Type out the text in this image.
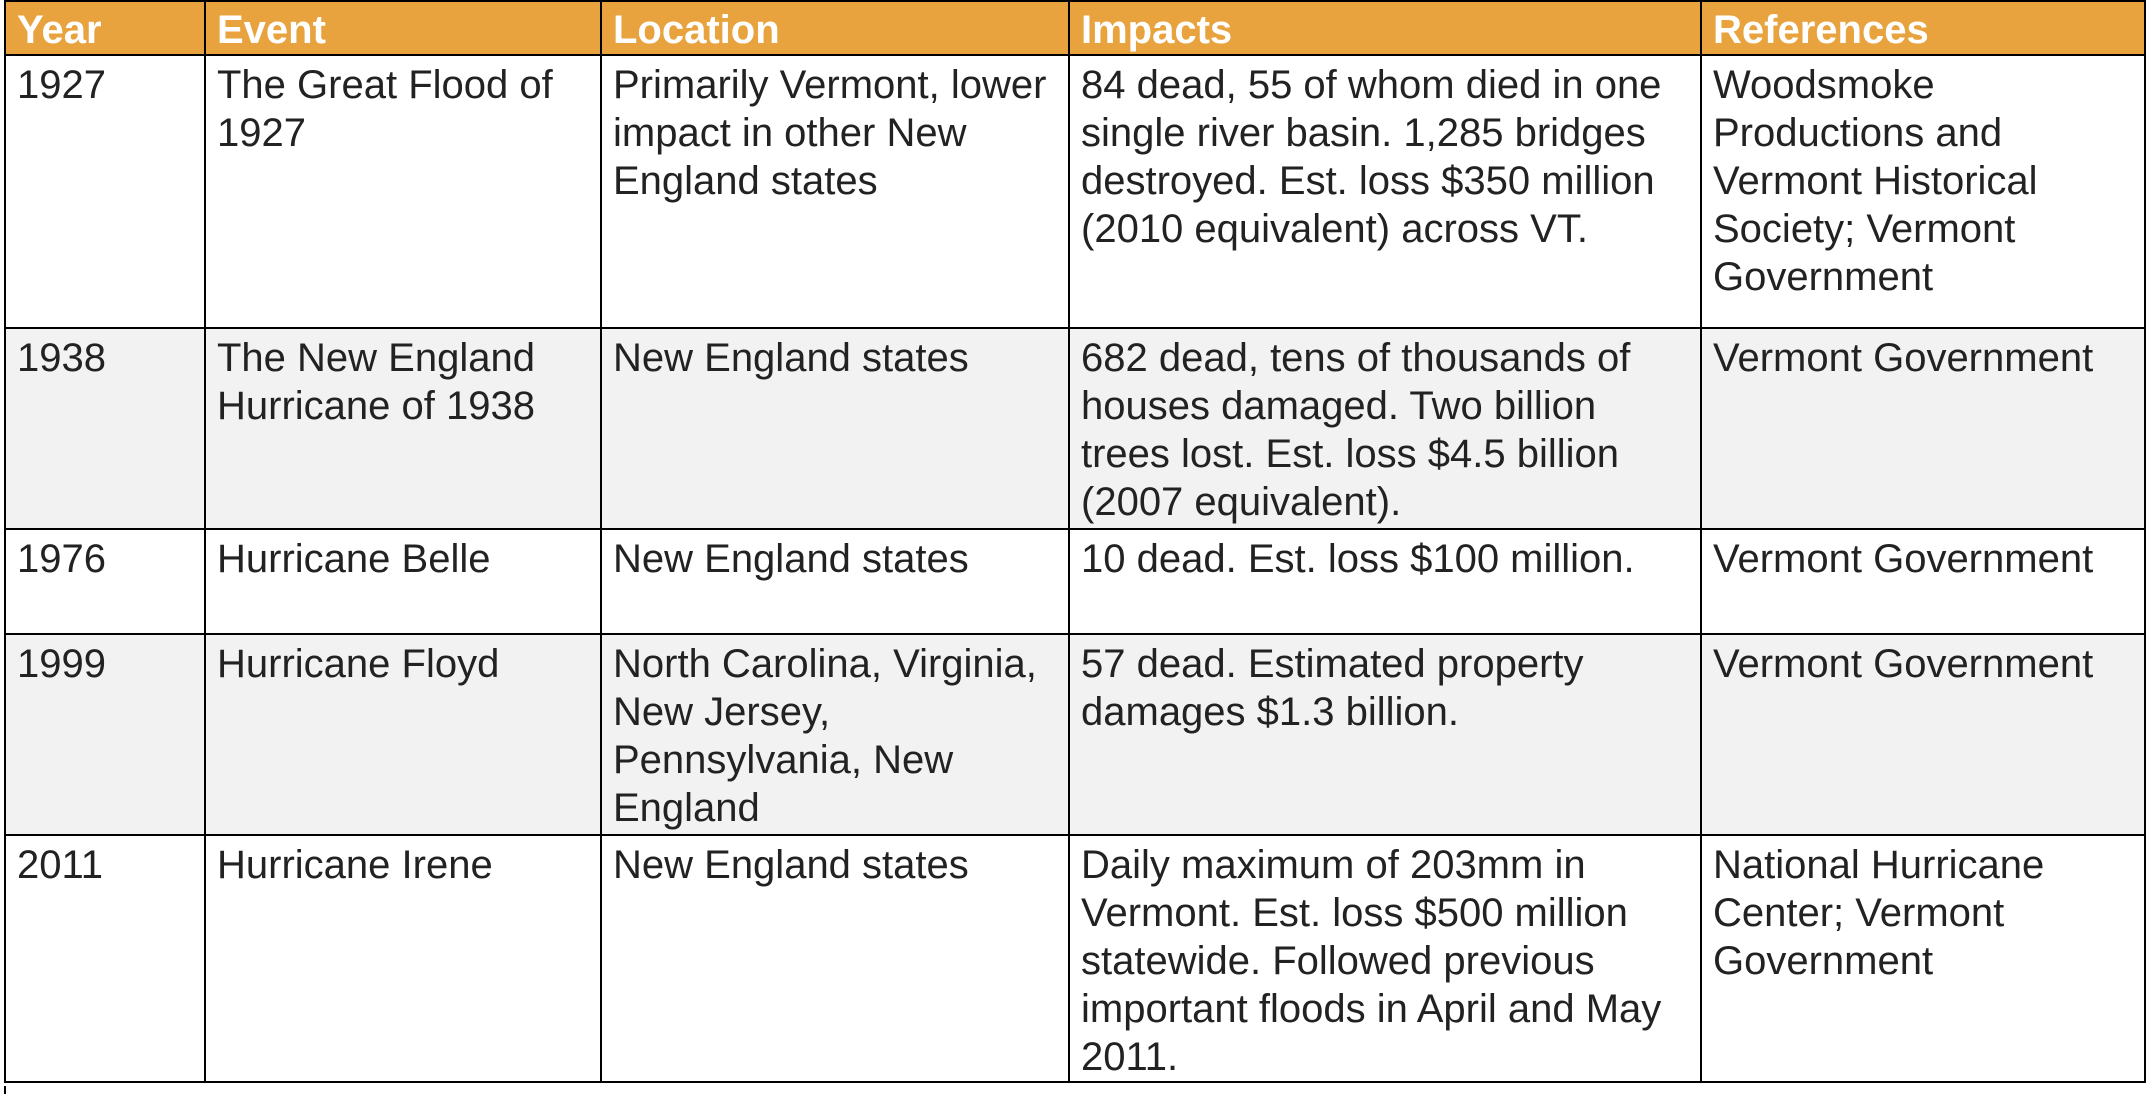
Year	Event	Location	Impacts	References
1927	The Great Flood of 1927	Primarily Vermont, lower impact in other New England states	84 dead, 55 of whom died in one single river basin. 1,285 bridges destroyed. Est. loss $350 million (2010 equivalent) across VT.	Woodsmoke Productions and Vermont Historical Society; Vermont Government
1938	The New England Hurricane of 1938	New England states	682 dead, tens of thousands of houses damaged. Two billion trees lost. Est. loss $4.5 billion (2007 equivalent).	Vermont Government
1976	Hurricane Belle	New England states	10 dead. Est. loss $100 million.	Vermont Government
1999	Hurricane Floyd	North Carolina, Virginia, New Jersey, Pennsylvania, New England	57 dead. Estimated property damages $1.3 billion.	Vermont Government
2011	Hurricane Irene	New England states	Daily maximum of 203mm in Vermont. Est. loss $500 million statewide. Followed previous important floods in April and May 2011.	National Hurricane Center; Vermont Government
